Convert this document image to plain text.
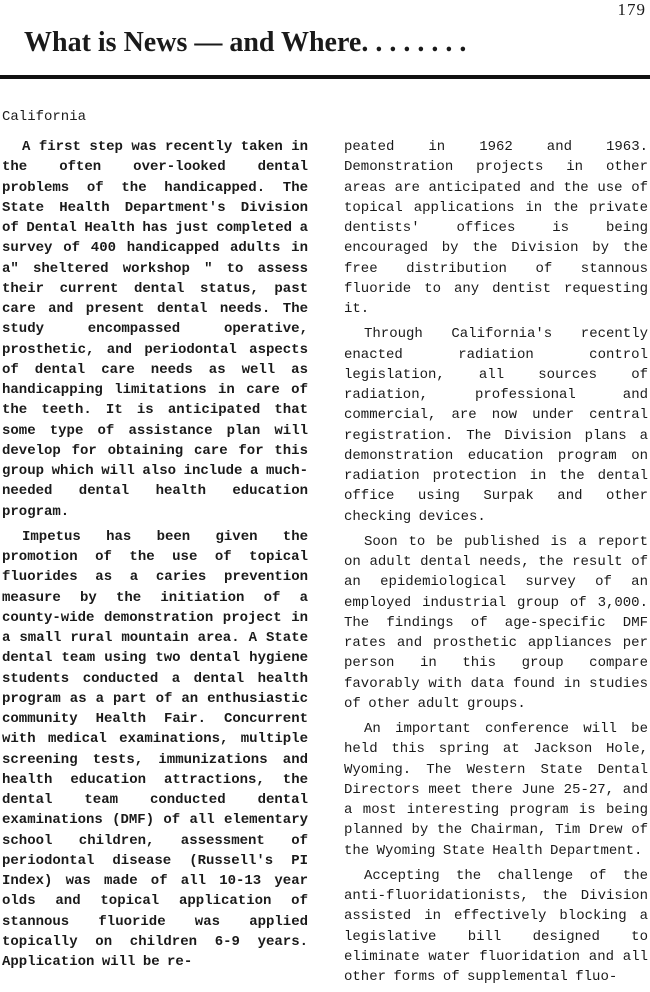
179
What is News — and Where. . . . . . . .
California

A first step was recently taken in the often over-looked dental problems of the handicapped. The State Health Department's Division of Dental Health has just completed a survey of 400 handicapped adults in a" sheltered workshop " to assess their current dental status, past care and present dental needs. The study encompassed operative, prosthetic, and periodontal aspects of dental care needs as well as handicapping limitations in care of the teeth. It is anticipated that some type of assistance plan will develop for obtaining care for this group which will also include a much-needed dental health education program.

Impetus has been given the promotion of the use of topical fluorides as a caries prevention measure by the initiation of a county-wide demonstration project in a small rural mountain area. A State dental team using two dental hygiene students conducted a dental health program as a part of an enthusiastic community Health Fair. Concurrent with medical examinations, multiple screening tests, immunizations and health education attractions, the dental team conducted dental examinations (DMF) of all elementary school children, assessment of periodontal disease (Russell's PI Index) was made of all 10-13 year olds and topical application of stannous fluoride was applied topically on children 6-9 years. Application will be re-

peated in 1962 and 1963. Demonstration projects in other areas are anticipated and the use of topical applications in the private dentists' offices is being encouraged by the Division by the free distribution of stannous fluoride to any dentist requesting it.

Through California's recently enacted radiation control legislation, all sources of radiation, professional and commercial, are now under central registration. The Division plans a demonstration education program on radiation protection in the dental office using Surpak and other checking devices.

Soon to be published is a report on adult dental needs, the result of an epidemiological survey of an employed industrial group of 3,000. The findings of age-specific DMF rates and prosthetic appliances per person in this group compare favorably with data found in studies of other adult groups.

An important conference will be held this spring at Jackson Hole, Wyoming. The Western State Dental Directors meet there June 25-27, and a most interesting program is being planned by the Chairman, Tim Drew of the Wyoming State Health Department.

Accepting the challenge of the anti-fluoridationists, the Division assisted in effectively blocking a legislative bill designed to eliminate water fluoridation and all other forms of supplemental fluo-
